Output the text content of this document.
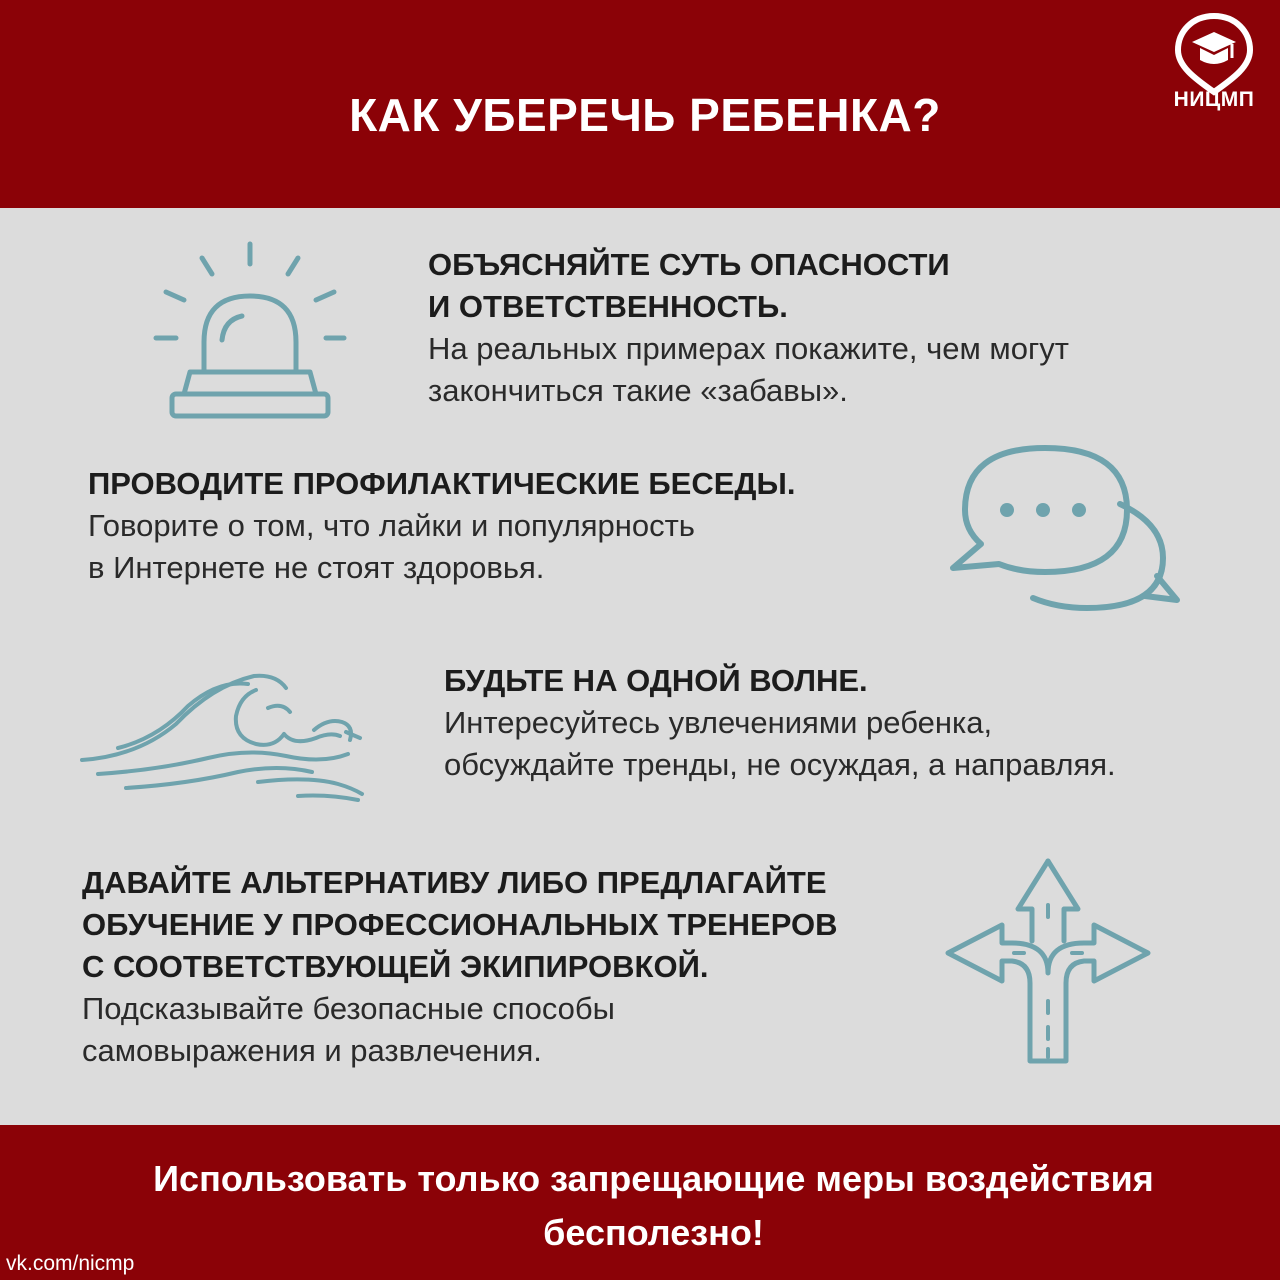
КАК УБЕРЕЧЬ РЕБЕНКА?	НИЦМП
ОБЪЯСНЯЙТЕ СУТЬ ОПАСНОСТИ
И ОТВЕТСТВЕННОСТЬ.
На реальных примерах покажите, чем могут
закончиться такие «забавы».
ПРОВОДИТЕ ПРОФИЛАКТИЧЕСКИЕ БЕСЕДЫ.
Говорите о том, что лайки и популярность
в Интернете не стоят здоровья.
БУДЬТЕ НА ОДНОЙ ВОЛНЕ.
Интересуйтесь увлечениями ребенка,
обсуждайте тренды, не осуждая, а направляя.
ДАВАЙТЕ АЛЬТЕРНАТИВУ ЛИБО ПРЕДЛАГАЙТЕ
ОБУЧЕНИЕ У ПРОФЕССИОНАЛЬНЫХ ТРЕНЕРОВ
С СООТВЕТСТВУЮЩЕЙ ЭКИПИРОВКОЙ.
Подсказывайте безопасные способы
самовыражения и развлечения.
Использовать только запрещающие меры воздействия
бесполезно!
vk.com/nicmp
